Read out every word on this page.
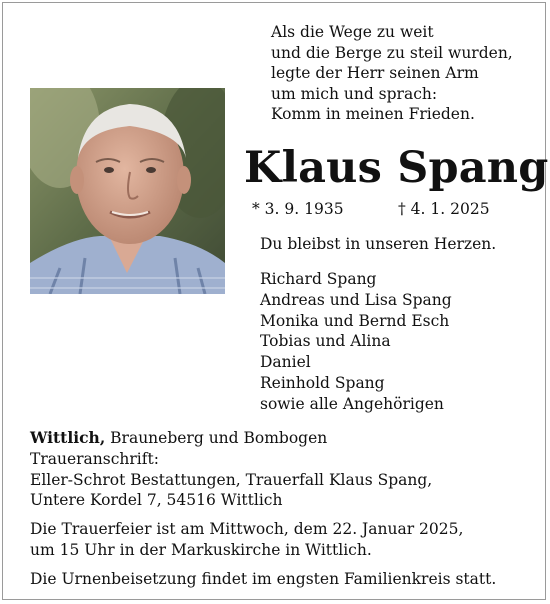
Als die Wege zu weit
und die Berge zu steil wurden,
legte der Herr seinen Arm
um mich und sprach:
Komm in meinen Frieden.
Klaus Spang
* 3. 9. 1935	† 4. 1. 2025
Du bleibst in unseren Herzen.
Richard Spang
Andreas und Lisa Spang
Monika und Bernd Esch
Tobias und Alina
Daniel
Reinhold Spang
sowie alle Angehörigen
Wittlich, Brauneberg und Bombogen
Traueranschrift:
Eller-Schrot Bestattungen, Trauerfall Klaus Spang,
Untere Kordel 7, 54516 Wittlich
Die Trauerfeier ist am Mittwoch, dem 22. Januar 2025,
um 15 Uhr in der Markuskirche in Wittlich.
Die Urnenbeisetzung findet im engsten Familienkreis statt.
